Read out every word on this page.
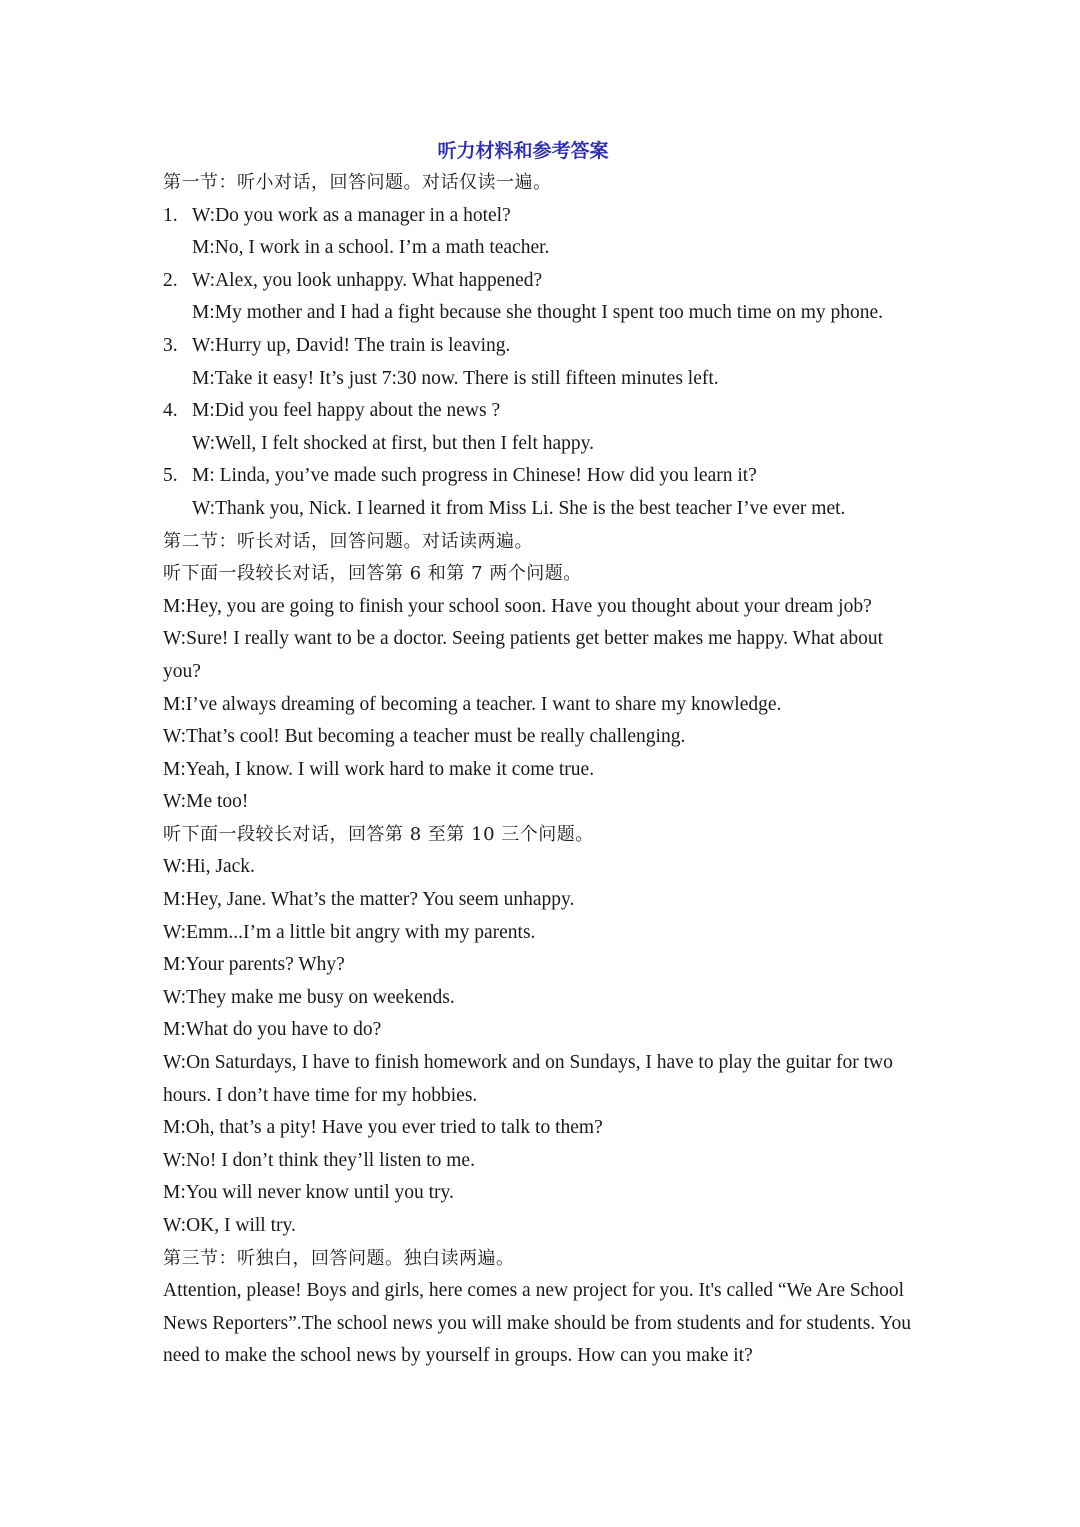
听力材料和参考答案
第一节：听小对话，回答问题。对话仅读一遍。
1. W:Do you work as a manager in a hotel?
M:No, I work in a school. I’m a math teacher.
2. W:Alex, you look unhappy. What happened?
M:My mother and I had a fight because she thought I spent too much time on my phone.
3. W:Hurry up, David! The train is leaving.
M:Take it easy! It’s just 7:30 now. There is still fifteen minutes left.
4. M:Did you feel happy about the news ?
W:Well, I felt shocked at first, but then I felt happy.
5. M: Linda, you’ve made such progress in Chinese! How did you learn it?
W:Thank you, Nick. I learned it from Miss Li. She is the best teacher I’ve ever met.
第二节：听长对话，回答问题。对话读两遍。
听下面一段较长对话，回答第 6 和第 7 两个问题。
M:Hey, you are going to finish your school soon. Have you thought about your dream job?
W:Sure! I really want to be a doctor. Seeing patients get better makes me happy. What about you?
M:I’ve always dreaming of becoming a teacher. I want to share my knowledge.
W:That’s cool! But becoming a teacher must be really challenging.
M:Yeah, I know. I will work hard to make it come true.
W:Me too!
听下面一段较长对话，回答第 8 至第 10 三个问题。
W:Hi, Jack.
M:Hey, Jane. What’s the matter? You seem unhappy.
W:Emm...I’m a little bit angry with my parents.
M:Your parents? Why?
W:They make me busy on weekends.
M:What do you have to do?
W:On Saturdays, I have to finish homework and on Sundays, I have to play the guitar for two hours. I don’t have time for my hobbies.
M:Oh, that’s a pity! Have you ever tried to talk to them?
W:No! I don’t think they’ll listen to me.
M:You will never know until you try.
W:OK, I will try.
第三节：听独白，回答问题。独白读两遍。
Attention, please! Boys and girls, here comes a new project for you. It's called “We Are School News Reporters”.The school news you will make should be from students and for students. You need to make the school news by yourself in groups. How can you make it?
